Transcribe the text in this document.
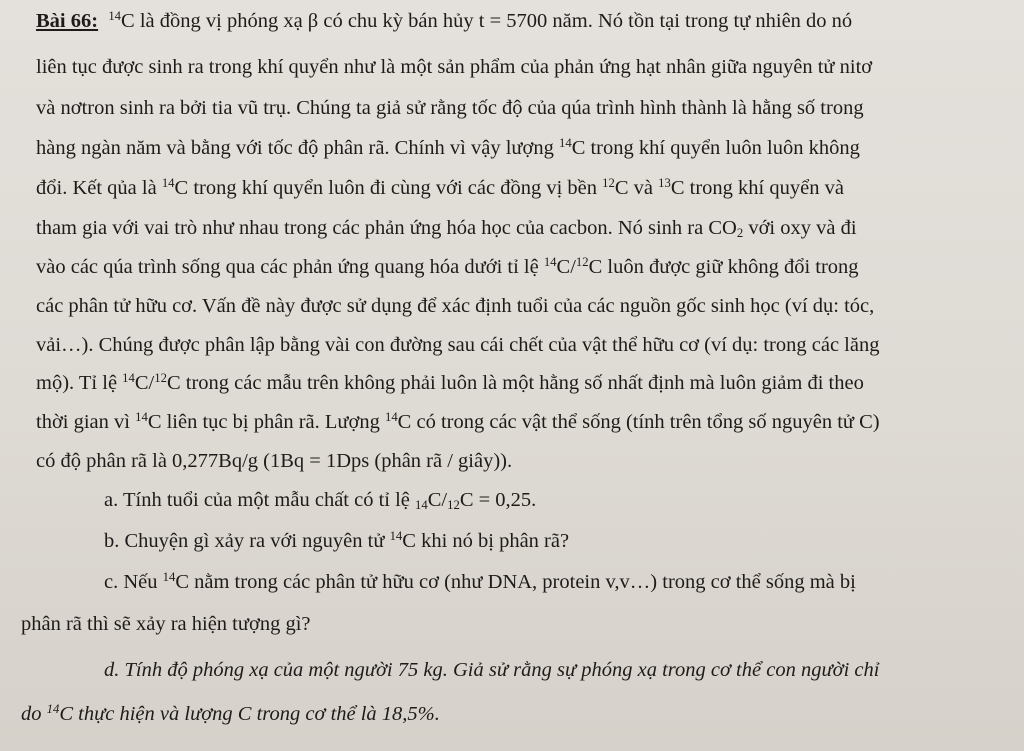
Bài 66: $^{14}$C là đồng vị phóng xạ β có chu kỳ bán hủy t = 5700 năm. Nó tồn tại trong tự nhiên do nó
liên tục được sinh ra trong khí quyển như là một sản phẩm của phản ứng hạt nhân giữa nguyên tử nitơ
và nơtron sinh ra bởi tia vũ trụ. Chúng ta giả sử rằng tốc độ của qúa trình hình thành là hằng số trong
hàng ngàn năm và bằng với tốc độ phân rã. Chính vì vậy lượng $^{14}$C trong khí quyển luôn luôn không
đổi. Kết qủa là $^{14}$C trong khí quyển luôn đi cùng với các đồng vị bền $^{12}$C và $^{13}$C trong khí quyển và
tham gia với vai trò như nhau trong các phản ứng hóa học của cacbon. Nó sinh ra $CO_2$ với oxy và đi
vào các qúa trình sống qua các phản ứng quang hóa dưới tỉ lệ $^{14}$C/$^{12}$C luôn được giữ không đổi trong
các phân tử hữu cơ. Vấn đề này được sử dụng để xác định tuổi của các nguồn gốc sinh học (ví dụ: tóc,
vải…). Chúng được phân lập bằng vài con đường sau cái chết của vật thể hữu cơ (ví dụ: trong các lăng
mộ). Tỉ lệ $^{14}$C/$^{12}$C trong các mẫu trên không phải luôn là một hằng số nhất định mà luôn giảm đi theo
thời gian vì $^{14}$C liên tục bị phân rã. Lượng $^{14}$C có trong các vật thể sống (tính trên tổng số nguyên tử C)
có độ phân rã là 0,277Bq/g (1Bq = 1Dps (phân rã / giây)).
a. Tính tuổi của một mẫu chất có tỉ lệ $_{14}C/_{12}C = 0,25$.
b. Chuyện gì xảy ra với nguyên tử $^{14}$C khi nó bị phân rã?
c. Nếu $^{14}$C nằm trong các phân tử hữu cơ (như DNA, protein v,v…) trong cơ thể sống mà bị
phân rã thì sẽ xảy ra hiện tượng gì?
d. Tính độ phóng xạ của một người 75 kg. Giả sử rằng sự phóng xạ trong cơ thể con người chỉ
do $^{14}$C thực hiện và lượng C trong cơ thể là 18,5%.
